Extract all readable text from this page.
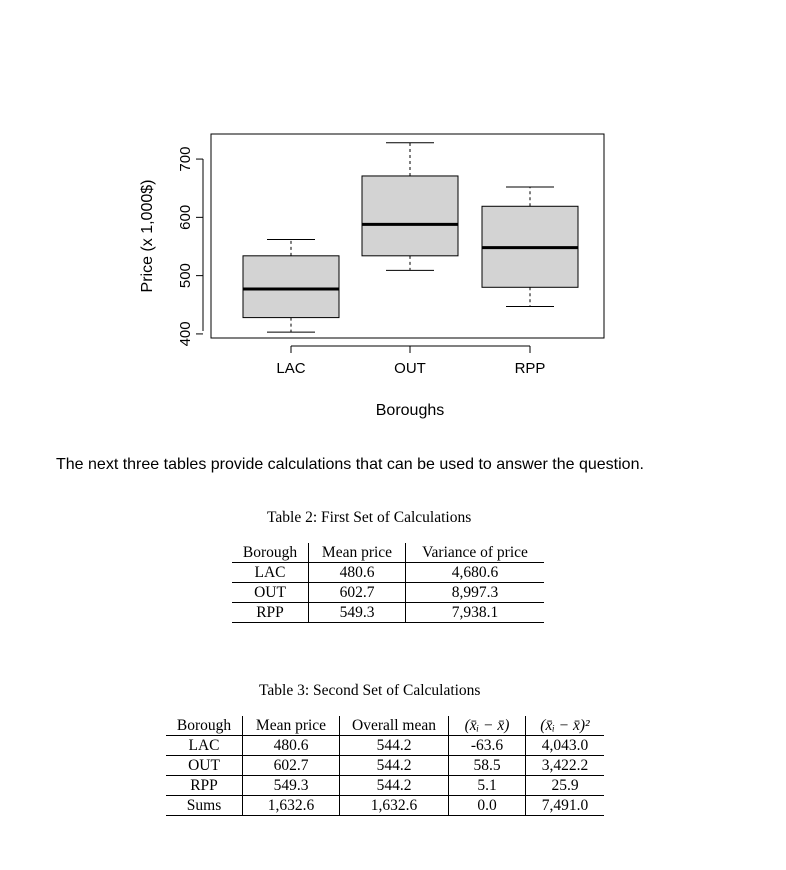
400
500
600
700
LAC	OUT	RPP
Boroughs
Price (x 1,000$)
The next three tables provide calculations that can be used to answer the question.
Table 2: First Set of Calculations
Borough	Mean price	Variance of price
LAC	480.6	4,680.6
OUT	602.7	8,997.3
RPP	549.3	7,938.1
Table 3: Second Set of Calculations
Borough	Mean price	Overall mean	(x̄ᵢ − x̄)	(x̄ᵢ − x̄)²
LAC	480.6	544.2	-63.6	4,043.0
OUT	602.7	544.2	58.5	3,422.2
RPP	549.3	544.2	5.1	25.9
Sums	1,632.6	1,632.6	0.0	7,491.0
